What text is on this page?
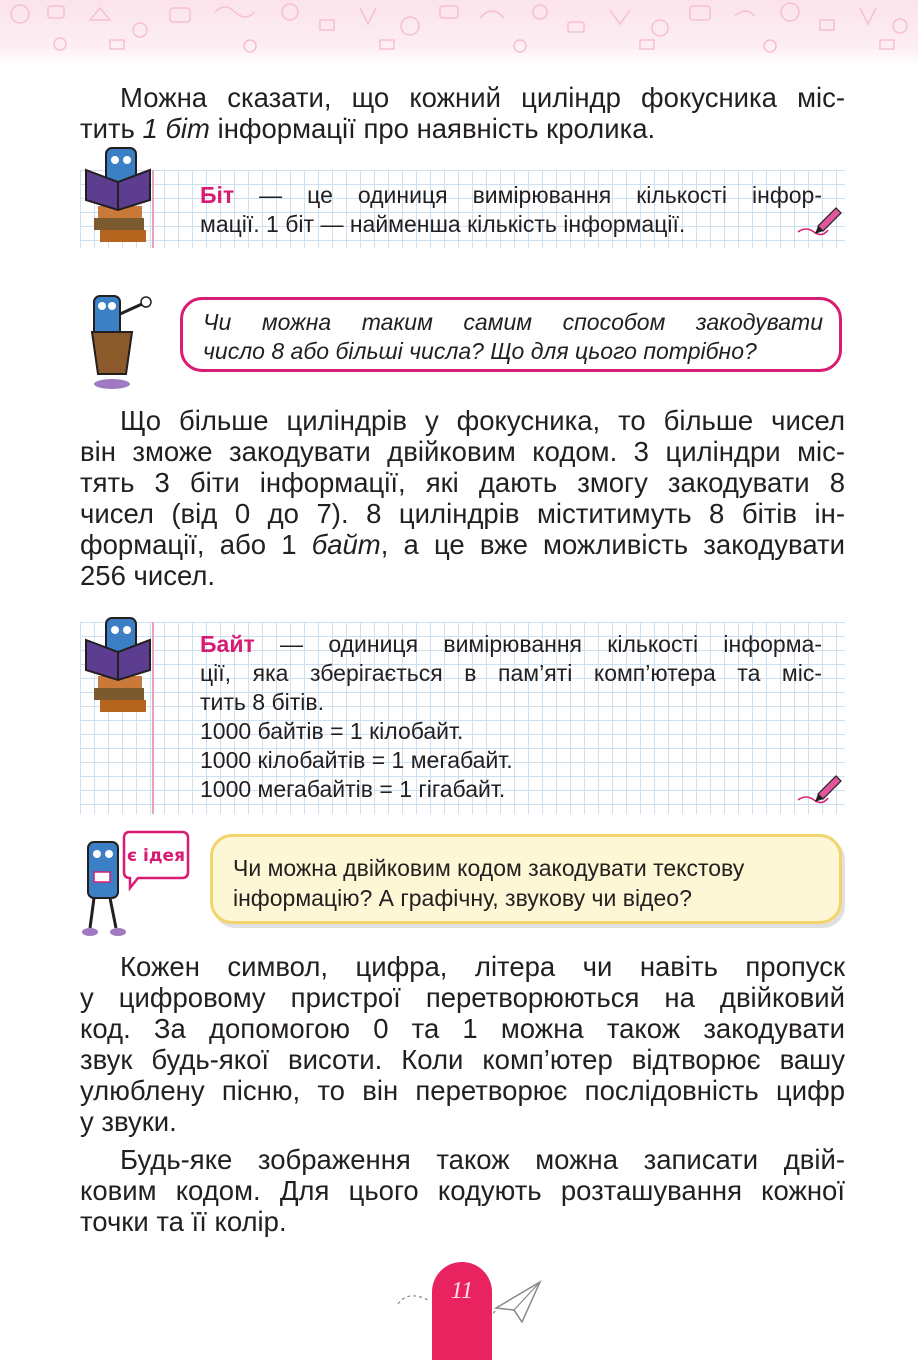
Можна сказати, що кожний циліндр фокусника міс-
тить 1 біт інформації про наявність кролика.
Біт — це одиниця вимірювання кількості інфор-
мації. 1 біт — найменша кількість інформації.
Чи можна таким самим способом закодувати
число 8 або більші числа? Що для цього потрібно?
Що більше циліндрів у фокусника, то більше чисел
він зможе закодувати двійковим кодом. 3 циліндри міс-
тять 3 біти інформації, які дають змогу закодувати 8
чисел (від 0 до 7). 8 циліндрів міститимуть 8 бітів ін-
формації, або 1 байт, а це вже можливість закодувати
256 чисел.
Байт — одиниця вимірювання кількості інформа-
ції, яка зберігається в пам’яті комп’ютера та міс-
тить 8 бітів.
1000 байтів = 1 кілобайт.
1000 кілобайтів = 1 мегабайт.
1000 мегабайтів = 1 гігабайт.
є ідея Чи можна двійковим кодом закодувати текстову
інформацію? А графічну, звукову чи відео?
Кожен символ, цифра, літера чи навіть пропуск
у цифровому пристрої перетворюються на двійковий
код. За допомогою 0 та 1 можна також закодувати
звук будь-якої висоти. Коли комп’ютер відтворює вашу
улюблену пісню, то він перетворює послідовність цифр
у звуки.
Будь-яке зображення також можна записати двій-
ковим кодом. Для цього кодують розташування кожної
точки та її колір.
11
